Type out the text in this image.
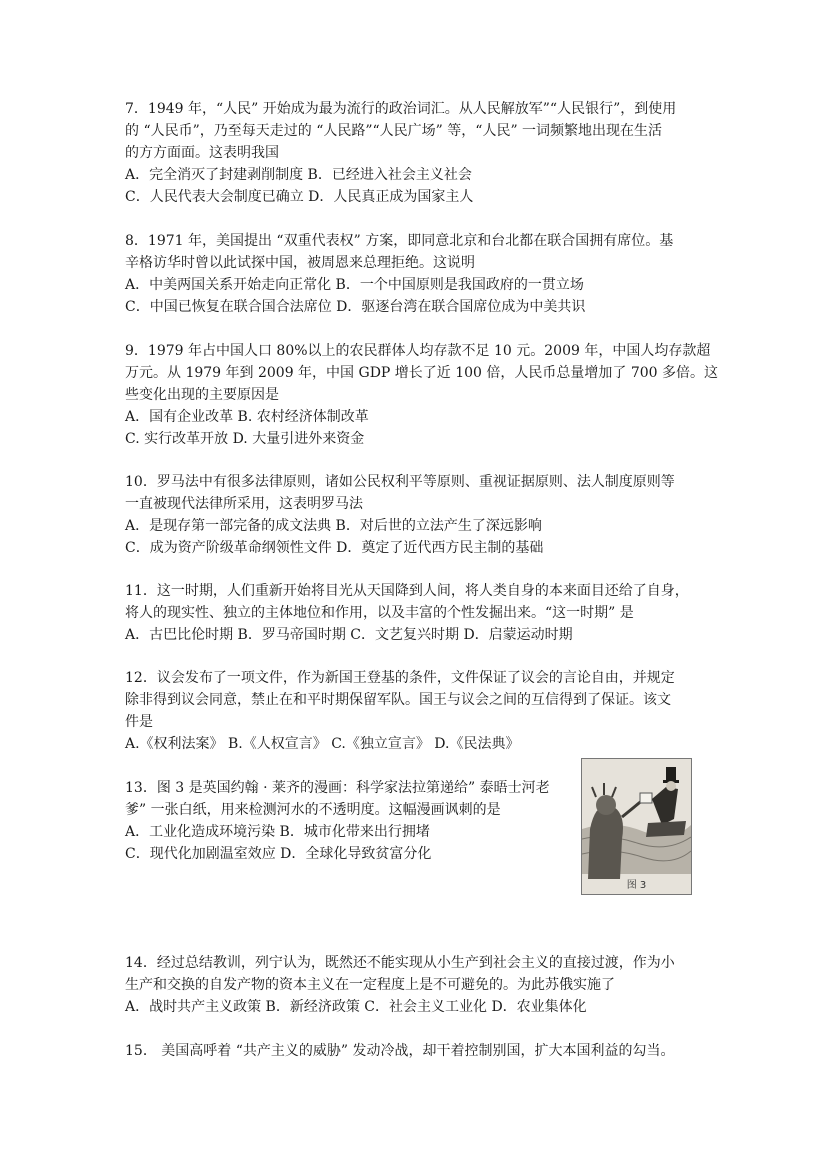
7．1949 年，“人民” 开始成为最为流行的政治词汇。从人民解放军”“人民银行”，到使用

的 “人民币”，乃至每天走过的 “人民路”“人民广场” 等，“人民” 一词频繁地出现在生活

的方方面面。这表明我国

A．完全消灭了封建剥削制度 B．已经进入社会主义社会

C．人民代表大会制度已确立 D．人民真正成为国家主人

8．1971 年，美国提出 “双重代表权” 方案，即同意北京和台北都在联合国拥有席位。基

辛格访华时曾以此试探中国，被周恩来总理拒绝。这说明

A．中美两国关系开始走向正常化 B．一个中国原则是我国政府的一贯立场

C．中国已恢复在联合国合法席位 D．驱逐台湾在联合国席位成为中美共识

9．1979 年占中国人口 80%以上的农民群体人均存款不足 10 元。2009 年，中国人均存款超

万元。从 1979 年到 2009 年，中国 GDP 增长了近 100 倍，人民币总量增加了 700 多倍。这

些变化出现的主要原因是

A．国有企业改革 B. 农村经济体制改革

C. 实行改革开放 D. 大量引进外来资金

10．罗马法中有很多法律原则，诸如公民权利平等原则、重视证据原则、法人制度原则等

一直被现代法律所采用，这表明罗马法

A．是现存第一部完备的成文法典 B．对后世的立法产生了深远影响

C．成为资产阶级革命纲领性文件 D．奠定了近代西方民主制的基础

11．这一时期，人们重新开始将目光从天国降到人间，将人类自身的本来面目还给了自身，

将人的现实性、独立的主体地位和作用，以及丰富的个性发掘出来。“这一时期” 是

A．古巴比伦时期 B．罗马帝国时期 C．文艺复兴时期 D．启蒙运动时期

12．议会发布了一项文件，作为新国王登基的条件，文件保证了议会的言论自由，并规定

除非得到议会同意，禁止在和平时期保留军队。国王与议会之间的互信得到了保证。该文

件是

A.《权利法案》 B.《人权宣言》 C.《独立宣言》 D.《民法典》

13．图 3 是英国约翰 · 莱齐的漫画：科学家法拉第递给” 泰晤士河老

爹” 一张白纸，用来检测河水的不透明度。这幅漫画讽刺的是

A．工业化造成环境污染 B．城市化带来出行拥堵

C．现代化加剧温室效应 D．全球化导致贫富分化

图 3

14．经过总结教训，列宁认为，既然还不能实现从小生产到社会主义的直接过渡，作为小

生产和交换的自发产物的资本主义在一定程度上是不可避免的。为此苏俄实施了

A．战时共产主义政策 B．新经济政策 C．社会主义工业化 D．农业集体化

15． 美国高呼着 “共产主义的威胁” 发动冷战，却干着控制别国，扩大本国利益的勾当。
